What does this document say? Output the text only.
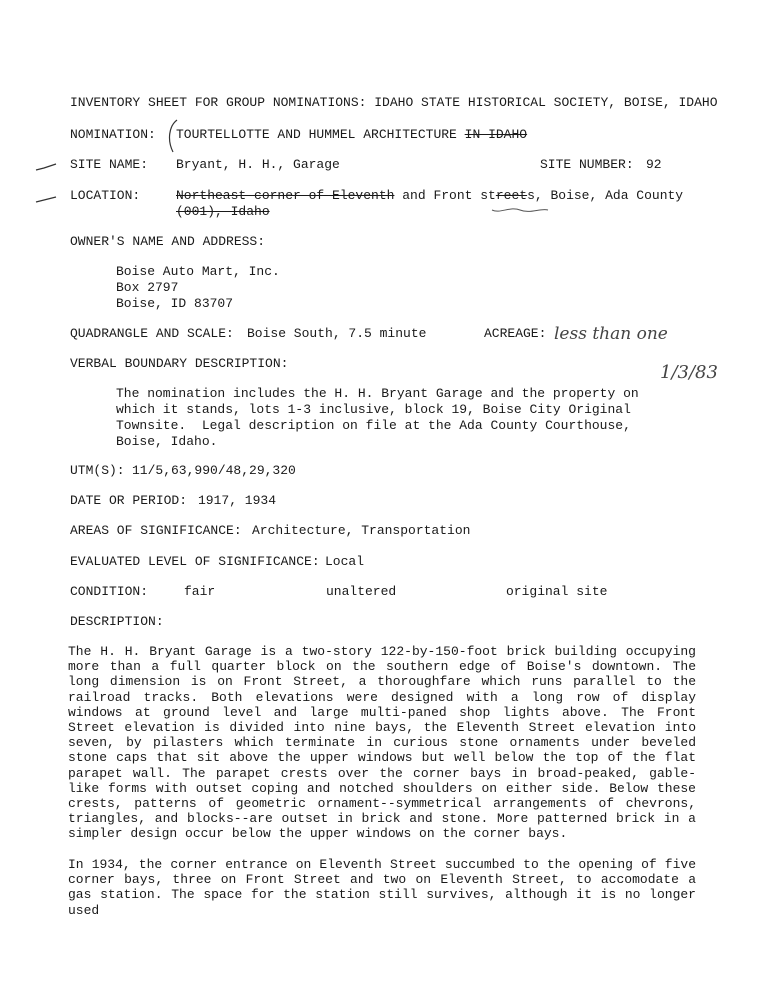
INVENTORY SHEET FOR GROUP NOMINATIONS: IDAHO STATE HISTORICAL SOCIETY, BOISE, IDAHO
NOMINATION: TOURTELLOTTE AND HUMMEL ARCHITECTURE IN IDAHO
SITE NAME: Bryant, H. H., Garage	SITE NUMBER: 92
LOCATION:	Northeast corner of Eleventh and Front streets, Boise, Ada County
(001), Idaho
OWNER'S NAME AND ADDRESS:
Boise Auto Mart, Inc.
Box 2797
Boise, ID 83707
QUADRANGLE AND SCALE: Boise South, 7.5 minute	ACREAGE: less than one
1/3/83
VERBAL BOUNDARY DESCRIPTION:
The nomination includes the H. H. Bryant Garage and the property on
which it stands, lots 1-3 inclusive, block 19, Boise City Original
Townsite.  Legal description on file at the Ada County Courthouse,
Boise, Idaho.
UTM(S): 11/5,63,990/48,29,320
DATE OR PERIOD: 1917, 1934
AREAS OF SIGNIFICANCE: Architecture, Transportation
EVALUATED LEVEL OF SIGNIFICANCE: Local
CONDITION:	fair	unaltered	original site
DESCRIPTION:
The H. H. Bryant Garage is a two-story 122-by-150-foot brick building occupying more than a full quarter block on the southern edge of Boise's downtown. The long dimension is on Front Street, a thoroughfare which runs parallel to the railroad tracks. Both elevations were designed with a long row of display windows at ground level and large multi-paned shop lights above. The Front Street elevation is divided into nine bays, the Eleventh Street elevation into seven, by pilasters which terminate in curious stone ornaments under beveled stone caps that sit above the upper windows but well below the top of the flat parapet wall. The parapet crests over the corner bays in broad-peaked, gable-like forms with outset coping and notched shoulders on either side. Below these crests, patterns of geometric ornament--symmetrical arrangements of chevrons, triangles, and blocks--are outset in brick and stone. More patterned brick in a simpler design occur below the upper windows on the corner bays.
In 1934, the corner entrance on Eleventh Street succumbed to the opening of five corner bays, three on Front Street and two on Eleventh Street, to accomodate a gas station. The space for the station still survives, although it is no longer used
